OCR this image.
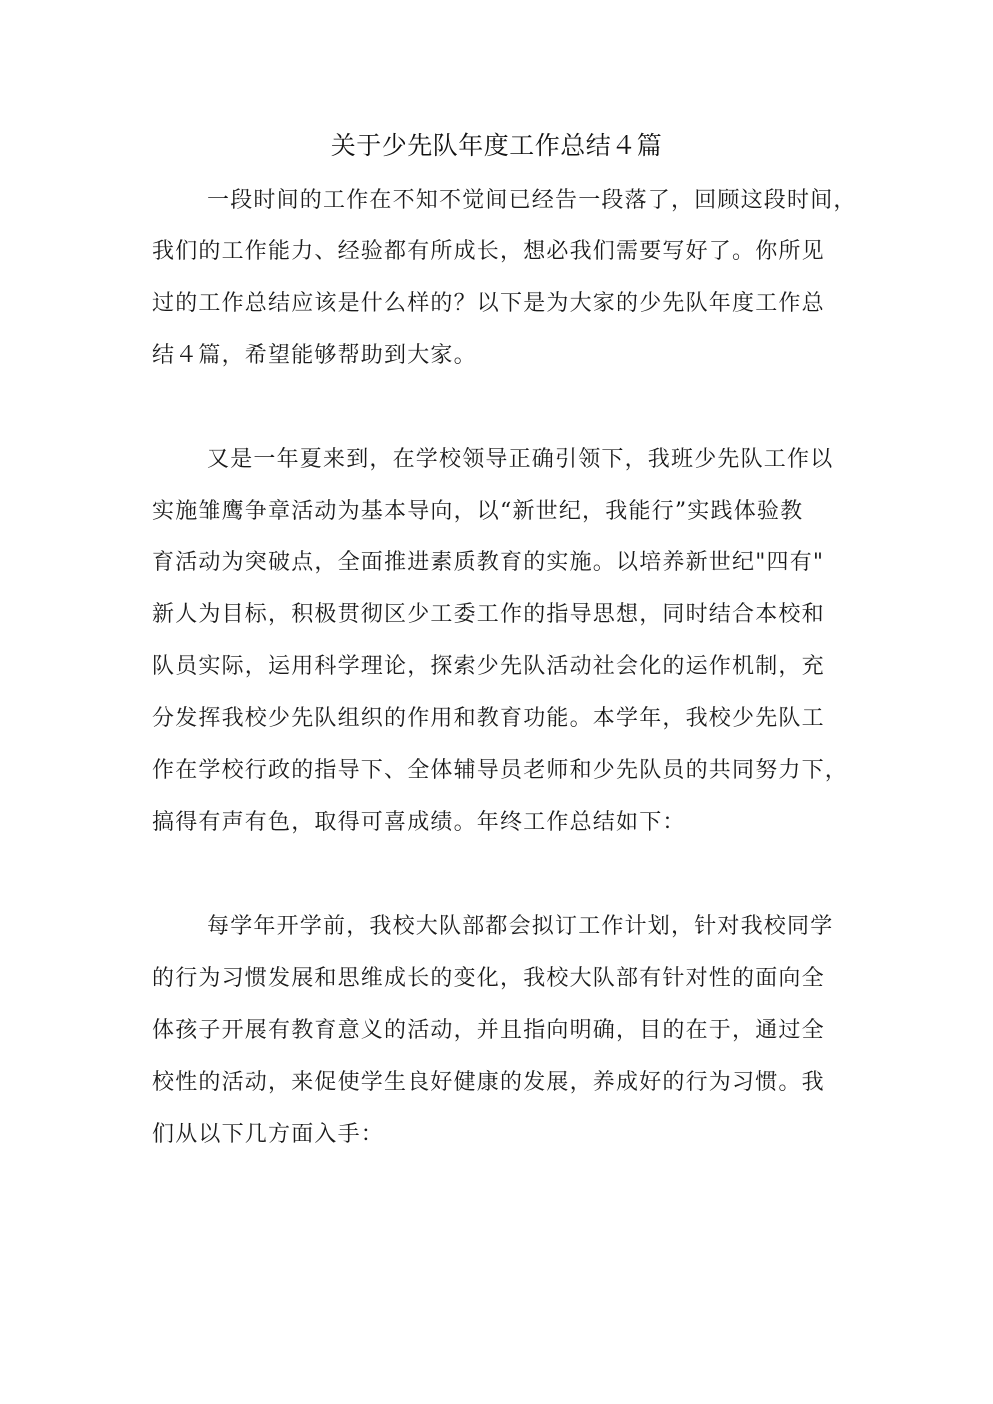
关于少先队年度工作总结４篇

一段时间的工作在不知不觉间已经告一段落了，回顾这段时间，

我们的工作能力、经验都有所成长，想必我们需要写好了。你所见

过的工作总结应该是什么样的？以下是为大家的少先队年度工作总

结４篇，希望能够帮助到大家。

又是一年夏来到，在学校领导正确引领下，我班少先队工作以

实施雏鹰争章活动为基本导向，以“新世纪，我能行”实践体验教

育活动为突破点，全面推进素质教育的实施。以培养新世纪"四有"

新人为目标，积极贯彻区少工委工作的指导思想，同时结合本校和

队员实际，运用科学理论，探索少先队活动社会化的运作机制，充

分发挥我校少先队组织的作用和教育功能。本学年，我校少先队工

作在学校行政的指导下、全体辅导员老师和少先队员的共同努力下，

搞得有声有色，取得可喜成绩。年终工作总结如下：

每学年开学前，我校大队部都会拟订工作计划，针对我校同学

的行为习惯发展和思维成长的变化，我校大队部有针对性的面向全

体孩子开展有教育意义的活动，并且指向明确，目的在于，通过全

校性的活动，来促使学生良好健康的发展，养成好的行为习惯。我

们从以下几方面入手：
